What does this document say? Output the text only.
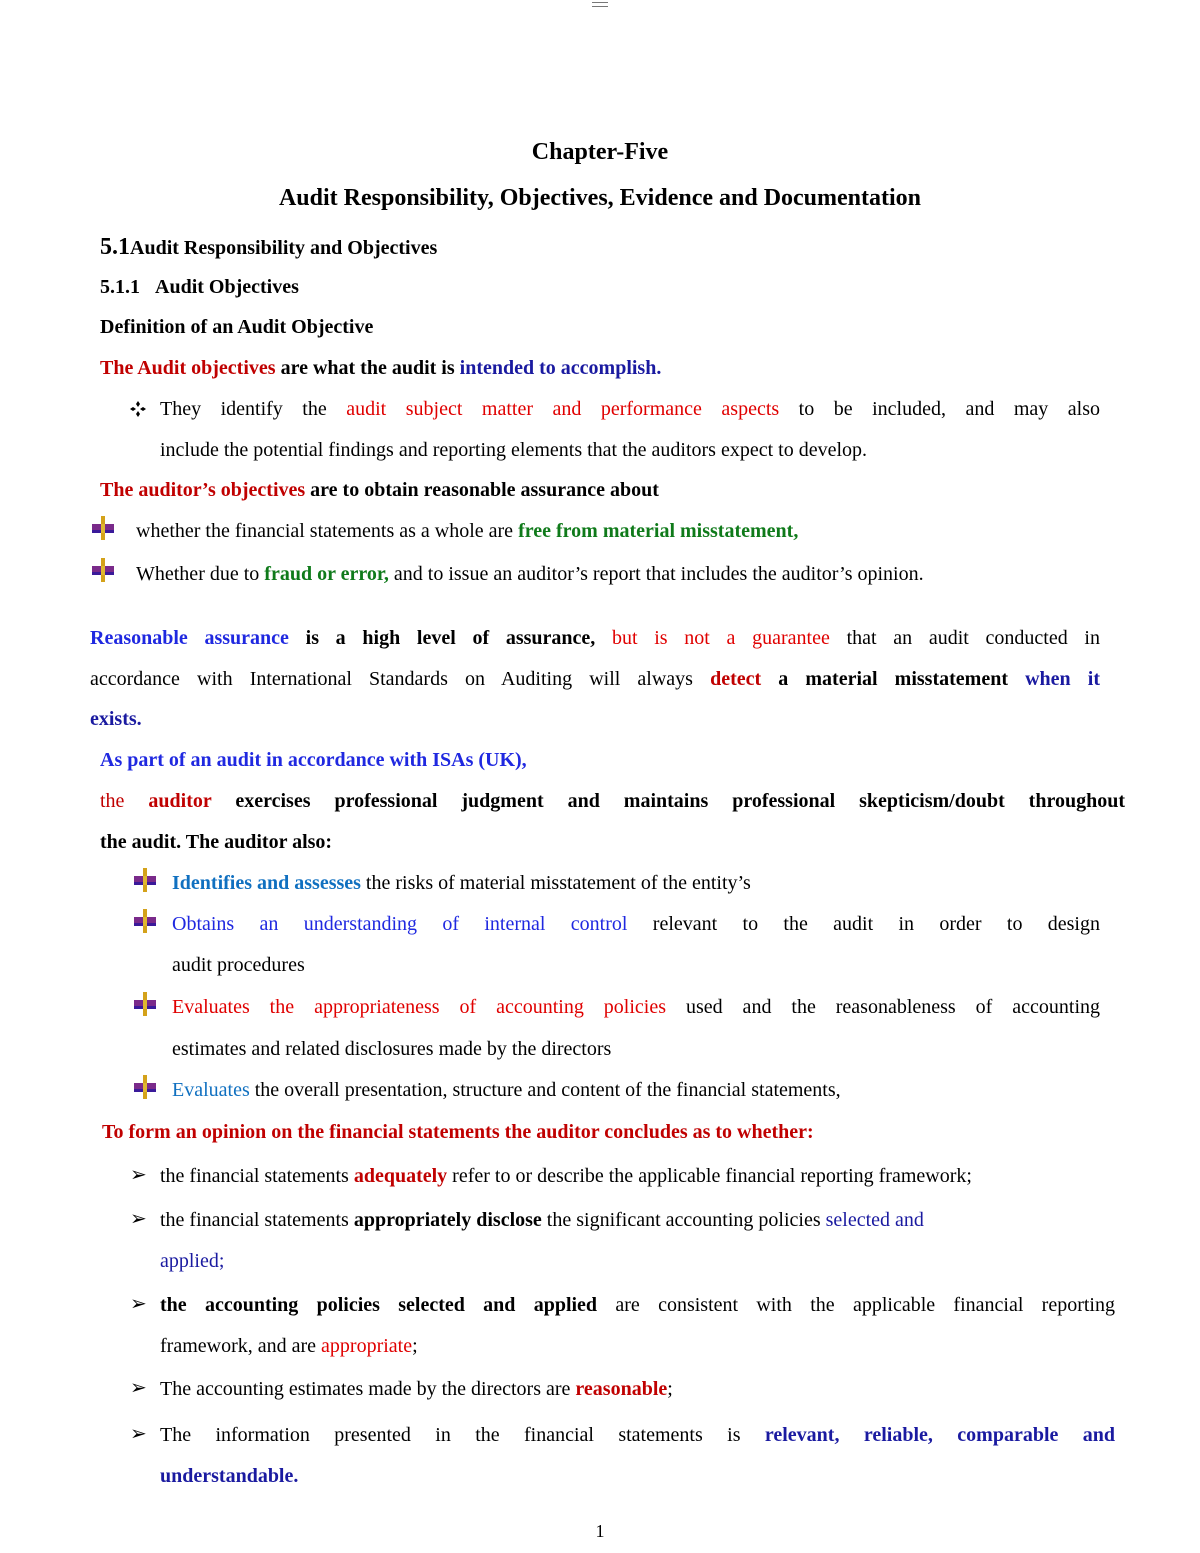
Chapter-Five
Audit Responsibility, Objectives, Evidence and Documentation
5.1Audit Responsibility and Objectives
5.1.1 Audit Objectives
Definition of an Audit Objective
The Audit objectives are what the audit is intended to accomplish.
They identify the audit subject matter and performance aspects to be included, and may also
include the potential findings and reporting elements that the auditors expect to develop.
The auditor’s objectives are to obtain reasonable assurance about
whether the financial statements as a whole are free from material misstatement,
Whether due to fraud or error, and to issue an auditor’s report that includes the auditor’s opinion.
Reasonable assurance is a high level of assurance, but is not a guarantee that an audit conducted in
accordance with International Standards on Auditing will always detect a material misstatement when it
exists.
As part of an audit in accordance with ISAs (UK),
the auditor exercises professional judgment and maintains professional skepticism/doubt throughout
the audit. The auditor also:
Identifies and assesses the risks of material misstatement of the entity’s
Obtains an understanding of internal control relevant to the audit in order to design
audit procedures
Evaluates the appropriateness of accounting policies used and the reasonableness of accounting
estimates and related disclosures made by the directors
Evaluates the overall presentation, structure and content of the financial statements,
To form an opinion on the financial statements the auditor concludes as to whether:
➢ the financial statements adequately refer to or describe the applicable financial reporting framework;
➢ the financial statements appropriately disclose the significant accounting policies selected and
applied;
➢ the accounting policies selected and applied are consistent with the applicable financial reporting
framework, and are appropriate;
➢ The accounting estimates made by the directors are reasonable;
➢ The information presented in the financial statements is relevant, reliable, comparable and
understandable.
1
